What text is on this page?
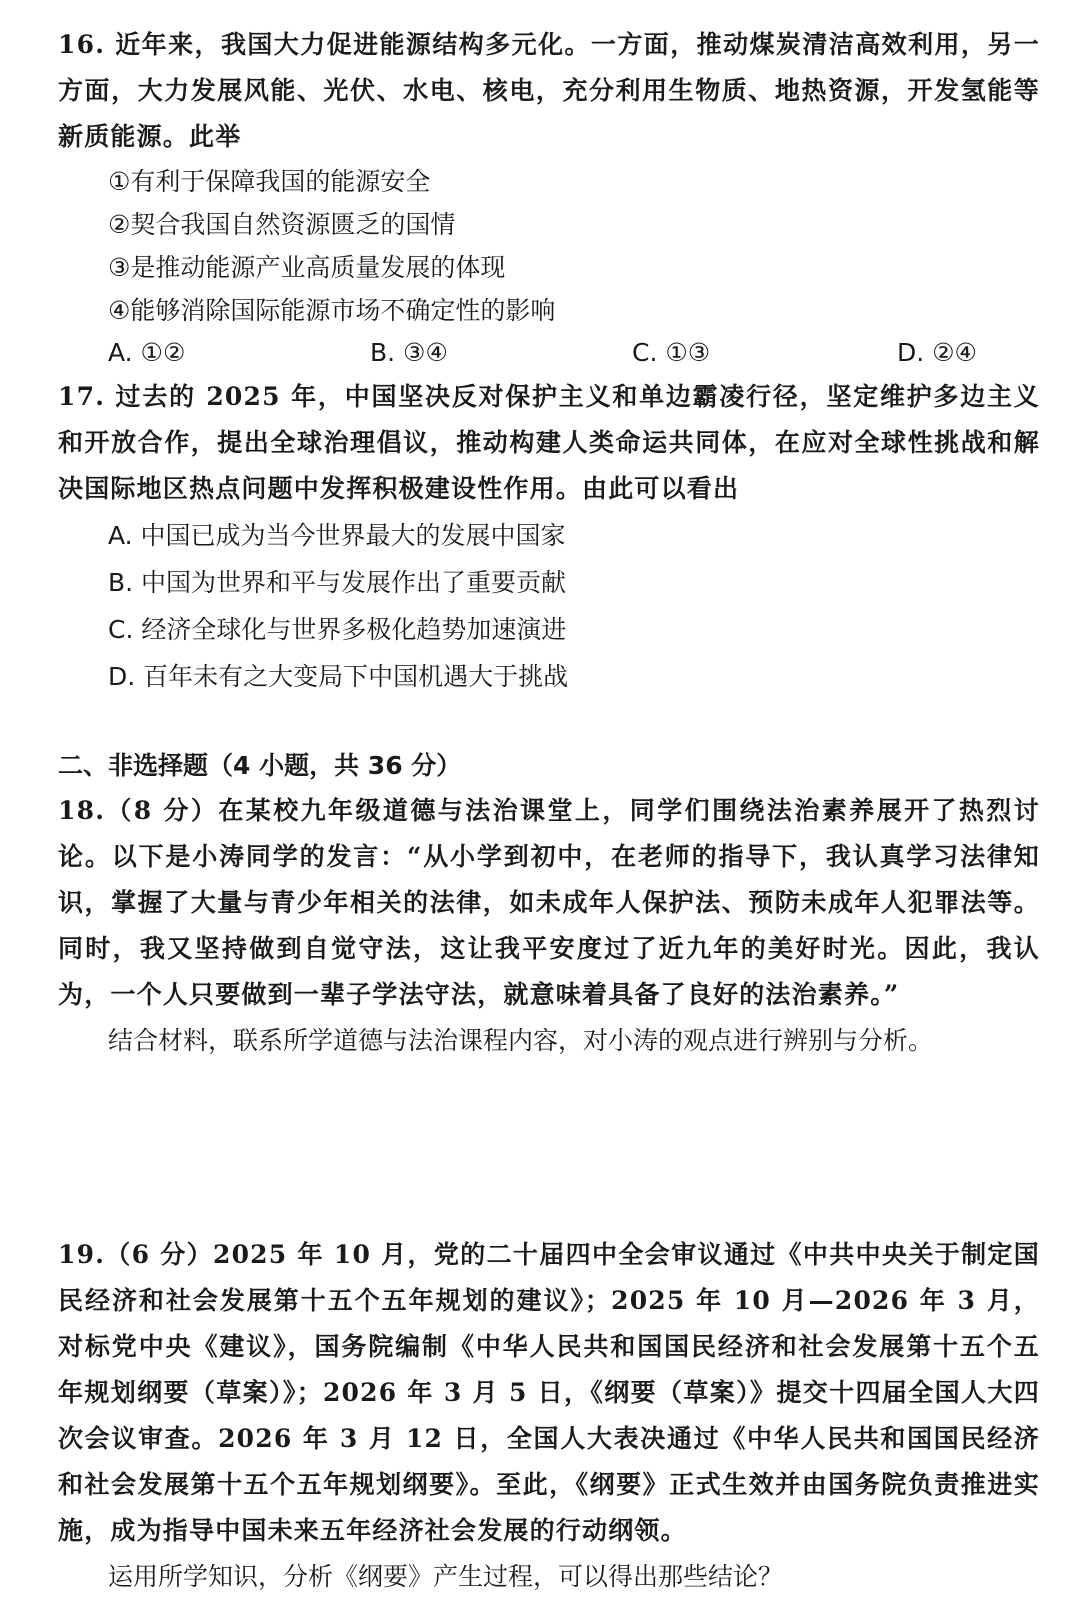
16. 近年来，我国大力促进能源结构多元化。一方面，推动煤炭清洁高效利用，另一方面，大力发展风能、光伏、水电、核电，充分利用生物质、地热资源，开发氢能等新质能源。此举

①有利于保障我国的能源安全

②契合我国自然资源匮乏的国情

③是推动能源产业高质量发展的体现

④能够消除国际能源市场不确定性的影响

A. ①②	B. ③④	C. ①③	D. ②④

17. 过去的 2025 年，中国坚决反对保护主义和单边霸凌行径，坚定维护多边主义和开放合作，提出全球治理倡议，推动构建人类命运共同体，在应对全球性挑战和解决国际地区热点问题中发挥积极建设性作用。由此可以看出

A. 中国已成为当今世界最大的发展中国家

B. 中国为世界和平与发展作出了重要贡献

C. 经济全球化与世界多极化趋势加速演进

D. 百年未有之大变局下中国机遇大于挑战

二、非选择题（4 小题，共 36 分）

18.（8 分）在某校九年级道德与法治课堂上，同学们围绕法治素养展开了热烈讨论。以下是小涛同学的发言：“从小学到初中，在老师的指导下，我认真学习法律知识，掌握了大量与青少年相关的法律，如未成年人保护法、预防未成年人犯罪法等。同时，我又坚持做到自觉守法，这让我平安度过了近九年的美好时光。因此，我认为，一个人只要做到一辈子学法守法，就意味着具备了良好的法治素养。”

结合材料，联系所学道德与法治课程内容，对小涛的观点进行辨别与分析。

19.（6 分）2025 年 10 月，党的二十届四中全会审议通过《中共中央关于制定国民经济和社会发展第十五个五年规划的建议》；2025 年 10 月—2026 年 3 月，对标党中央《建议》，国务院编制《中华人民共和国国民经济和社会发展第十五个五年规划纲要（草案）》；2026 年 3 月 5 日，《纲要（草案）》提交十四届全国人大四次会议审查。2026 年 3 月 12 日，全国人大表决通过《中华人民共和国国民经济和社会发展第十五个五年规划纲要》。至此，《纲要》正式生效并由国务院负责推进实施，成为指导中国未来五年经济社会发展的行动纲领。

运用所学知识，分析《纲要》产生过程，可以得出那些结论？
